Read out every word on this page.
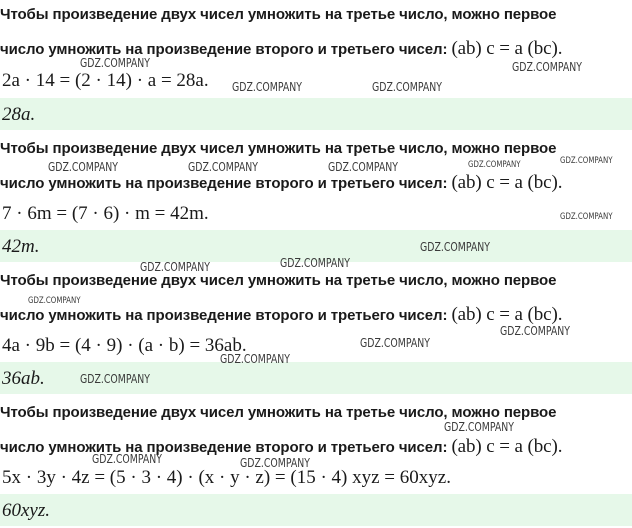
Чтобы произведение двух чисел умножить на третье число, можно первое
число умножить на произведение второго и третьего чисел: (ab) c = a (bc).
2a · 14 = (2 · 14) · a = 28a.
28a.
Чтобы произведение двух чисел умножить на третье число, можно первое
число умножить на произведение второго и третьего чисел: (ab) c = a (bc).
7 · 6m = (7 · 6) · m = 42m.
42m.
Чтобы произведение двух чисел умножить на третье число, можно первое
число умножить на произведение второго и третьего чисел: (ab) c = a (bc).
4a · 9b = (4 · 9) · (a · b) = 36ab.
36ab.
Чтобы произведение двух чисел умножить на третье число, можно первое
число умножить на произведение второго и третьего чисел: (ab) c = a (bc).
5x · 3y · 4z = (5 · 3 · 4) · (x · y · z) = (15 · 4) xyz = 60xyz.
60xyz.
GDZ.COMPANY	GDZ.COMPANY
GDZ.COMPANY	GDZ.COMPANY
GDZ.COMPANY	GDZ.COMPANY	GDZ.COMPANY	GDZ.COMPANY	GDZ.COMPANY
GDZ.COMPANY
GDZ.COMPANY
GDZ.COMPANY	GDZ.COMPANY
GDZ.COMPANY
GDZ.COMPANY
GDZ.COMPANY
GDZ.COMPANY
GDZ.COMPANY
GDZ.COMPANY
GDZ.COMPANY	GDZ.COMPANY
